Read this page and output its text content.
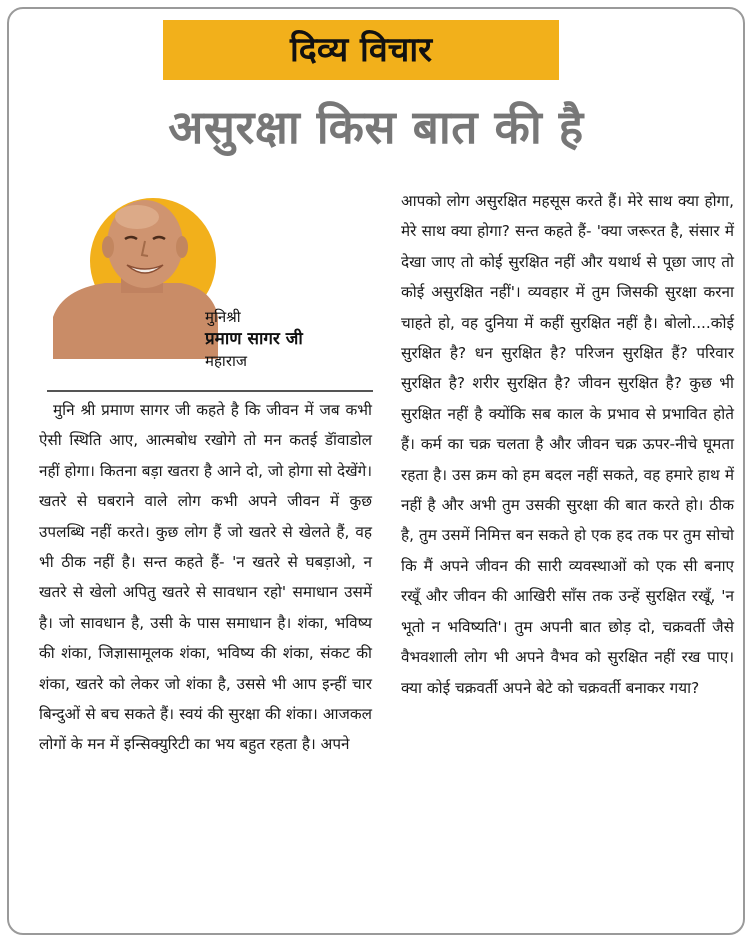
दिव्य विचार
असुरक्षा किस बात की है
मुनिश्री
प्रमाण सागर जी
महाराज

मुनि श्री प्रमाण सागर जी कहते है कि जीवन में जब कभी ऐसी स्थिति आए, आत्मबोध रखोगे तो मन कतई डॅांवाडोल नहीं होगा। कितना बड़ा खतरा है आने दो, जो होगा सो देखेंगे। खतरे से घबराने वाले लोग कभी अपने जीवन में कुछ उपलब्धि नहीं करते। कुछ लोग हैं जो खतरे से खेलते हैं, वह भी ठीक नहीं है। सन्त कहते हैं- 'न खतरे से घबड़ाओ, न खतरे से खेलो अपितु खतरे से सावधान रहो' समाधान उसमें है। जो सावधान है, उसी के पास समाधान है। शंका, भविष्य की शंका, जिज्ञासामूलक शंका, भविष्य की शंका, संकट की शंका, खतरे को लेकर जो शंका है, उससे भी आप इन्हीं चार बिन्दुओं से बच सकते हैं। स्वयं की सुरक्षा की शंका। आजकल लोगों के मन में इन्सिक्युरिटी का भय बहुत रहता है। अपने

आपको लोग असुरक्षित महसूस करते हैं। मेरे साथ क्या होगा, मेरे साथ क्या होगा? सन्त कहते हैं- 'क्या जरूरत है, संसार में देखा जाए तो कोई सुरक्षित नहीं और यथार्थ से पूछा जाए तो कोई असुरक्षित नहीं'। व्यवहार में तुम जिसकी सुरक्षा करना चाहते हो, वह दुनिया में कहीं सुरक्षित नहीं है। बोलो....कोई सुरक्षित है? धन सुरक्षित है? परिजन सुरक्षित हैं? परिवार सुरक्षित है? शरीर सुरक्षित है? जीवन सुरक्षित है? कुछ भी सुरक्षित नहीं है क्योंकि सब काल के प्रभाव से प्रभावित होते हैं। कर्म का चक्र चलता है और जीवन चक्र ऊपर-नीचे घूमता रहता है। उस क्रम को हम बदल नहीं सकते, वह हमारे हाथ में नहीं है और अभी तुम उसकी सुरक्षा की बात करते हो। ठीक है, तुम उसमें निमित्त बन सकते हो एक हद तक पर तुम सोचो कि मैं अपने जीवन की सारी व्यवस्थाओं को एक सी बनाए रखूँ और जीवन की आखिरी साँस तक उन्हें सुरक्षित रखूँ, 'न भूतो न भविष्यति'। तुम अपनी बात छोड़ दो, चक्रवर्ती जैसे वैभवशाली लोग भी अपने वैभव को सुरक्षित नहीं रख पाए। क्या कोई चक्रवर्ती अपने बेटे को चक्रवर्ती बनाकर गया?
